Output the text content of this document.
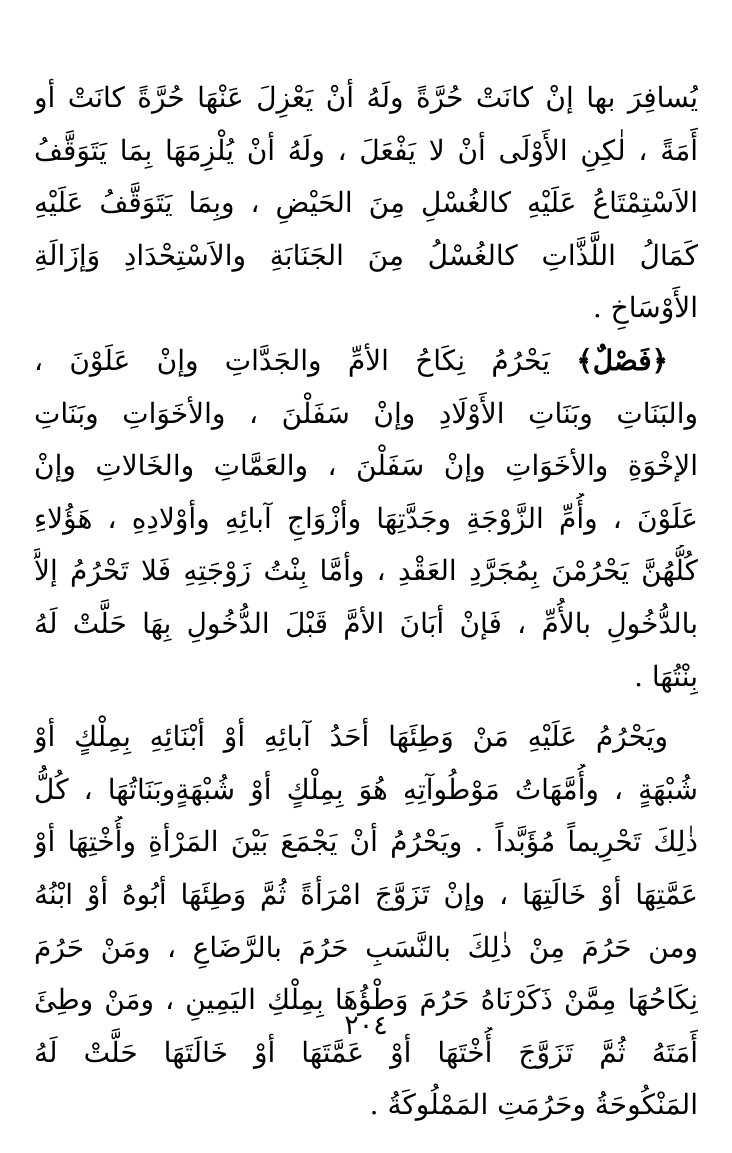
يُسافِرَ بها إنْ كانَتْ حُرَّةً ولَهُ أنْ يَعْزِلَ عَنْهَا حُرَّةً كانَتْ أو
أَمَةً ، لٰكِنِ الأَوْلَى أنْ لا يَفْعَلَ ، ولَهُ أنْ يُلْزِمَهَا بِمَا يَتَوَقَّفُ
الاَسْتِمْتَاعُ عَلَيْهِ كالغُسْلِ مِنَ الحَيْضِ ، وبِمَا يَتَوَقَّفُ عَلَيْهِ
كَمَالُ اللَّذَّاتِ كالغُسْلُ مِنَ الجَنَابَةِ والاَسْتِحْدَادِ وَإزَالَةِ
الأَوْسَاخِ .
﴿فَصْلٌ﴾ يَحْرُمُ نِكَاحُ الأمِّ والجَدَّاتِ وإنْ عَلَوْنَ ،
والبَنَاتِ وبَنَاتِ الأَوْلَادِ وإنْ سَفَلْنَ ، والأخَوَاتِ وبَنَاتِ
الإخْوَةِ والأخَوَاتِ وإنْ سَفَلْنَ ، والعَمَّاتِ والخَالاتِ وإنْ
عَلَوْنَ ، وأُمِّ الزَّوْجَةِ وجَدَّتِهَا وأزْوَاجِ آبائِهِ وأوْلادِهِ ، هَؤُلاءِ
كُلُّهُنَّ يَحْرُمْنَ بِمُجَرَّدِ العَقْدِ ، وأمَّا بِنْتُ زَوْجَتِهِ فَلا تَحْرُمُ إلاَّ
بالدُّخُولِ بالأُمِّ ، فَإنْ أبَانَ الأمَّ قَبْلَ الدُّخُولِ بِهَا حَلَّتْ لَهُ
بِنْتُهَا .
ويَحْرُمُ عَلَيْهِ مَنْ وَطِئَهَا أحَدُ آبائِهِ أوْ أبْنَائِهِ بِمِلْكٍ أوْ
شُبْهَةٍ ، وأُمَّهَاتُ مَوْطُوآتِهِ هُوَ بِمِلْكٍ أوْ شُبْهَةٍوبَنَاتُهَا ، كُلُّ
ذٰلِكَ تَحْرِيماً مُؤَبَّداً . ويَحْرُمُ أنْ يَجْمَعَ بَيْنَ المَرْأةِ وأُخْتِهَا أوْ
عَمَّتِهَا أوْ خَالَتِهَا ، وإنْ تَزَوَّجَ امْرَأةً ثُمَّ وَطِئَهَا أبُوهُ أوْ ابْنُهُ
ومن حَرُمَ مِنْ ذٰلِكَ بالنَّسَبِ حَرُمَ بالرَّضَاعِ ، ومَنْ حَرُمَ
نِكَاحُهَا مِمَّنْ ذَكَرْنَاهُ حَرُمَ وَطْؤُهَا بِمِلْكِ اليَمِينِ ، ومَنْ وطِئَ
أَمَتَهُ ثُمَّ تَزَوَّجَ أُخْتَهَا أوْ عَمَّتَهَا أوْ خَالَتَهَا حَلَّتْ لَهُ
المَنْكُوحَةُ وحَرُمَتِ المَمْلُوكَةُ .
٢٠٤
